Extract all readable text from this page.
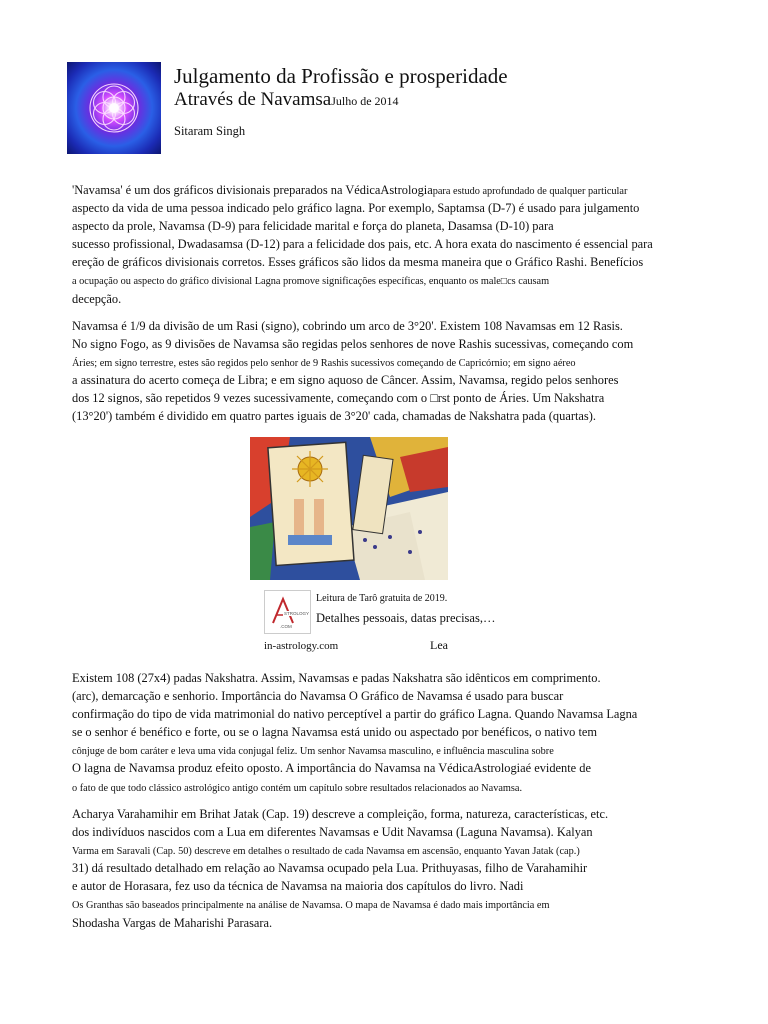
Julgamento da Profissão e prosperidade
Através de NavamsaJulho de 2014
Sitaram Singh
'Navamsa' é um dos gráficos divisionais preparados na VédicaAstrologiapara estudo aprofundado de qualquer particular
aspecto da vida de uma pessoa indicado pelo gráfico lagna. Por exemplo, Saptamsa (D-7) é usado para julgamento
aspecto da prole, Navamsa (D-9) para felicidade marital e força do planeta, Dasamsa (D-10) para
sucesso profissional, Dwadasamsa (D-12) para a felicidade dos pais, etc. A hora exata do nascimento é essencial para
ereção de gráficos divisionais corretos. Esses gráficos são lidos da mesma maneira que o Gráfico Rashi. Benefícios
a ocupação ou aspecto do gráfico divisional Lagna promove significações específicas, enquanto os male□cs causam
decepção.
Navamsa é 1/9 da divisão de um Rasi (signo), cobrindo um arco de 3°20'. Existem 108 Navamsas em 12 Rasis.
No signo Fogo, as 9 divisões de Navamsa são regidas pelos senhores de nove Rashis sucessivas, começando com
Áries; em signo terrestre, estes são regidos pelo senhor de 9 Rashis sucessivos começando de Capricórnio; em signo aéreo
a assinatura do acerto começa de Libra; e em signo aquoso de Câncer. Assim, Navamsa, regido pelos senhores
dos 12 signos, são repetidos 9 vezes sucessivamente, começando com o □rst ponto de Áries. Um Nakshatra
(13°20') também é dividido em quatro partes iguais de 3°20' cada, chamadas de Nakshatra pada (quartas).
Existem 108 (27x4) padas Nakshatra. Assim, Navamsas e padas Nakshatra são idênticos em comprimento.
(arc), demarcação e senhorio. Importância do Navamsa O Gráfico de Navamsa é usado para buscar
confirmação do tipo de vida matrimonial do nativo perceptível a partir do gráfico Lagna. Quando Navamsa Lagna
se o senhor é benéfico e forte, ou se o lagna Navamsa está unido ou aspectado por benéficos, o nativo tem
cônjuge de bom caráter e leva uma vida conjugal feliz. Um senhor Navamsa masculino, e influência masculina sobre
O lagna de Navamsa produz efeito oposto. A importância do Navamsa na VédicaAstrologiaé evidente de
o fato de que todo clássico astrológico antigo contém um capítulo sobre resultados relacionados ao Navamsa.
Acharya Varahamihir em Brihat Jatak (Cap. 19) descreve a compleição, forma, natureza, características, etc.
dos indivíduos nascidos com a Lua em diferentes Navamsas e Udit Navamsa (Laguna Navamsa). Kalyan
Varma em Saravali (Cap. 50) descreve em detalhes o resultado de cada Navamsa em ascensão, enquanto Yavan Jatak (cap.)
31) dá resultado detalhado em relação ao Navamsa ocupado pela Lua. Prithuyasas, filho de Varahamihir
e autor de Horasara, fez uso da técnica de Navamsa na maioria dos capítulos do livro. Nadi
Os Granthas são baseados principalmente na análise de Navamsa. O mapa de Navamsa é dado mais importância em
Shodasha Vargas de Maharishi Parasara.
STROLOGY
.COM
Leitura de Tarô gratuita de 2019.
Detalhes pessoais, datas precisas,…
in-astrology.com	Lea
